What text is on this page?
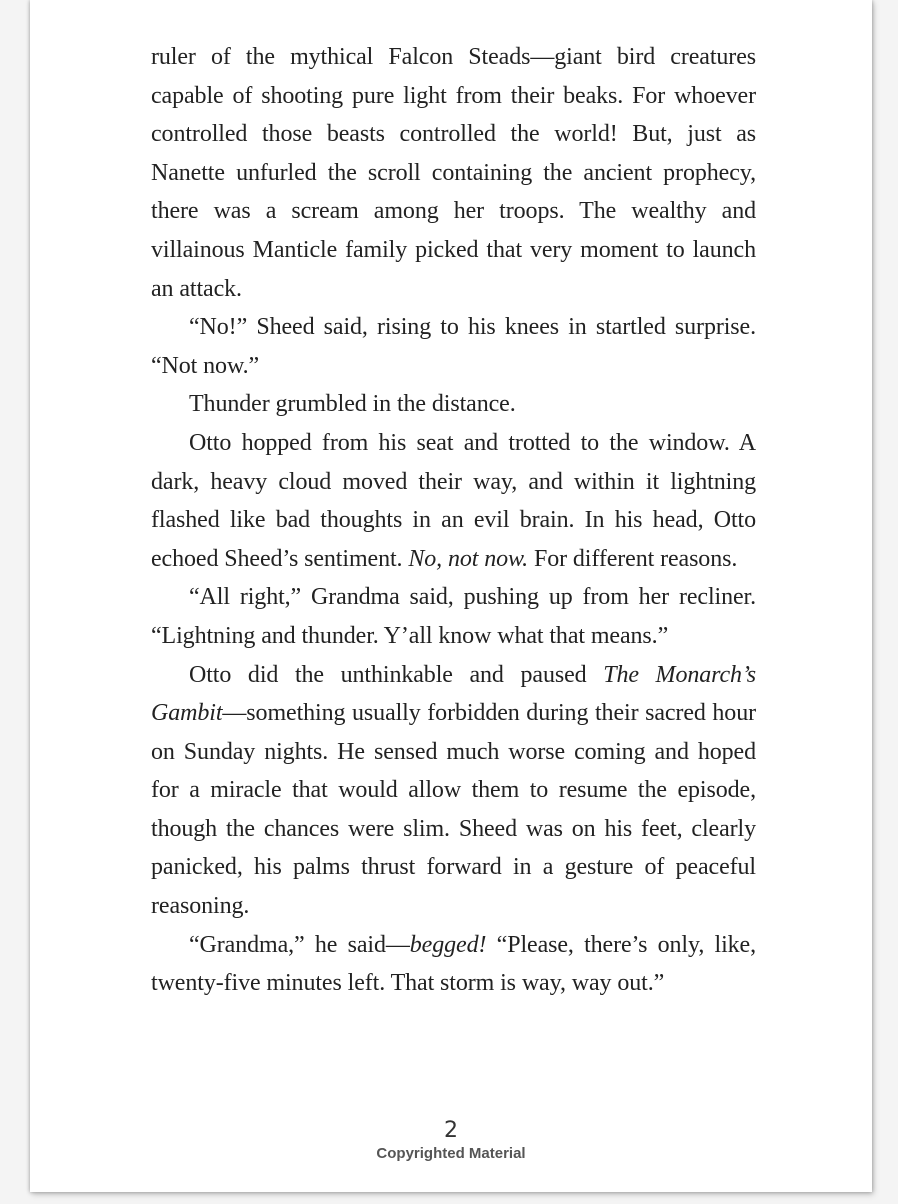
ruler of the mythical Falcon Steads—giant bird creatures capable of shooting pure light from their beaks. For whoever controlled those beasts controlled the world! But, just as Nanette unfurled the scroll containing the ancient prophecy, there was a scream among her troops. The wealthy and villainous Manticle family picked that very moment to launch an attack.

“No!” Sheed said, rising to his knees in startled surprise. “Not now.”

Thunder grumbled in the distance.

Otto hopped from his seat and trotted to the window. A dark, heavy cloud moved their way, and within it lightning flashed like bad thoughts in an evil brain. In his head, Otto echoed Sheed’s sentiment. No, not now. For different reasons.

“All right,” Grandma said, pushing up from her recliner. “Lightning and thunder. Y’all know what that means.”

Otto did the unthinkable and paused The Monarch’s Gambit—something usually forbidden during their sacred hour on Sunday nights. He sensed much worse coming and hoped for a miracle that would allow them to resume the episode, though the chances were slim. Sheed was on his feet, clearly panicked, his palms thrust forward in a gesture of peaceful reasoning.

“Grandma,” he said—begged! “Please, there’s only, like, twenty-five minutes left. That storm is way, way out.”

2
Copyrighted Material
